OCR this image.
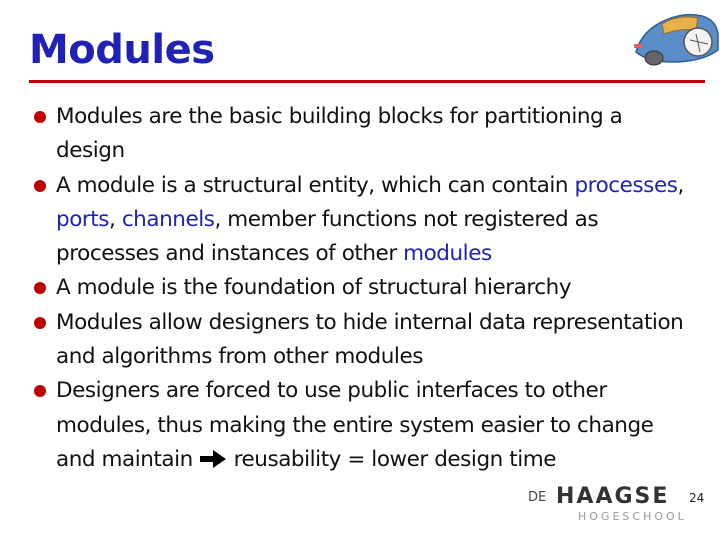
Modules
Modules are the basic building blocks for partitioning a design
A module is a structural entity, which can contain processes, ports, channels, member functions not registered as processes and instances of other modules
A module is the foundation of structural hierarchy
Modules allow designers to hide internal data representation and algorithms from other modules
Designers are forced to use public interfaces to other modules, thus making the entire system easier to change and maintain  reusability = lower design time
DE HAAGSE
HOGESCHOOL
24
